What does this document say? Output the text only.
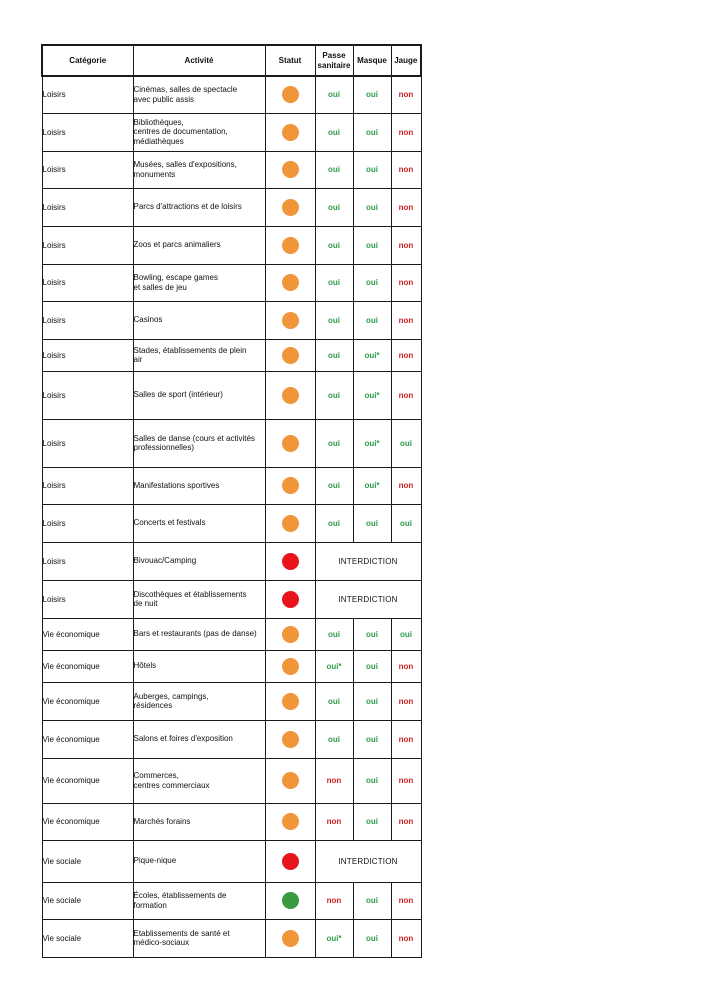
Catégorie	Activité	Statut	Passe
sanitaire	Masque	Jauge
Loisirs	Cinémas, salles de spectacle
avec public assis		oui	oui	non
Loisirs	Bibliothèques,
centres de documentation,
médiathèques		oui	oui	non
Loisirs	Musées, salles d'expositions,
monuments		oui	oui	non
Loisirs	Parcs d'attractions et de loisirs		oui	oui	non
Loisirs	Zoos et parcs animaliers		oui	oui	non
Loisirs	Bowling, escape games
et salles de jeu		oui	oui	non
Loisirs	Casinos		oui	oui	non
Loisirs	Stades, établissements de plein
air		oui	oui*	non
Loisirs	Salles de sport (intérieur)		oui	oui*	non
Loisirs	Salles de danse (cours et activités
professionnelles)		oui	oui*	oui
Loisirs	Manifestations sportives		oui	oui*	non
Loisirs	Concerts et festivals		oui	oui	oui
Loisirs	Bivouac/Camping		INTERDICTION		
Loisirs	Discothèques et établissements
de nuit		INTERDICTION		
Vie économique	Bars et restaurants (pas de danse)		oui	oui	oui
Vie économique	Hôtels		oui*	oui	non
Vie économique	Auberges, campings,
résidences		oui	oui	non
Vie économique	Salons et foires d'exposition		oui	oui	non
Vie économique	Commerces,
centres commerciaux		non	oui	non
Vie économique	Marchés forains		non	oui	non
Vie sociale	Pique-nique		INTERDICTION		
Vie sociale	Écoles, établissements de
formation		non	oui	non
Vie sociale	Etablissements de santé et
médico-sociaux		oui*	oui	non
